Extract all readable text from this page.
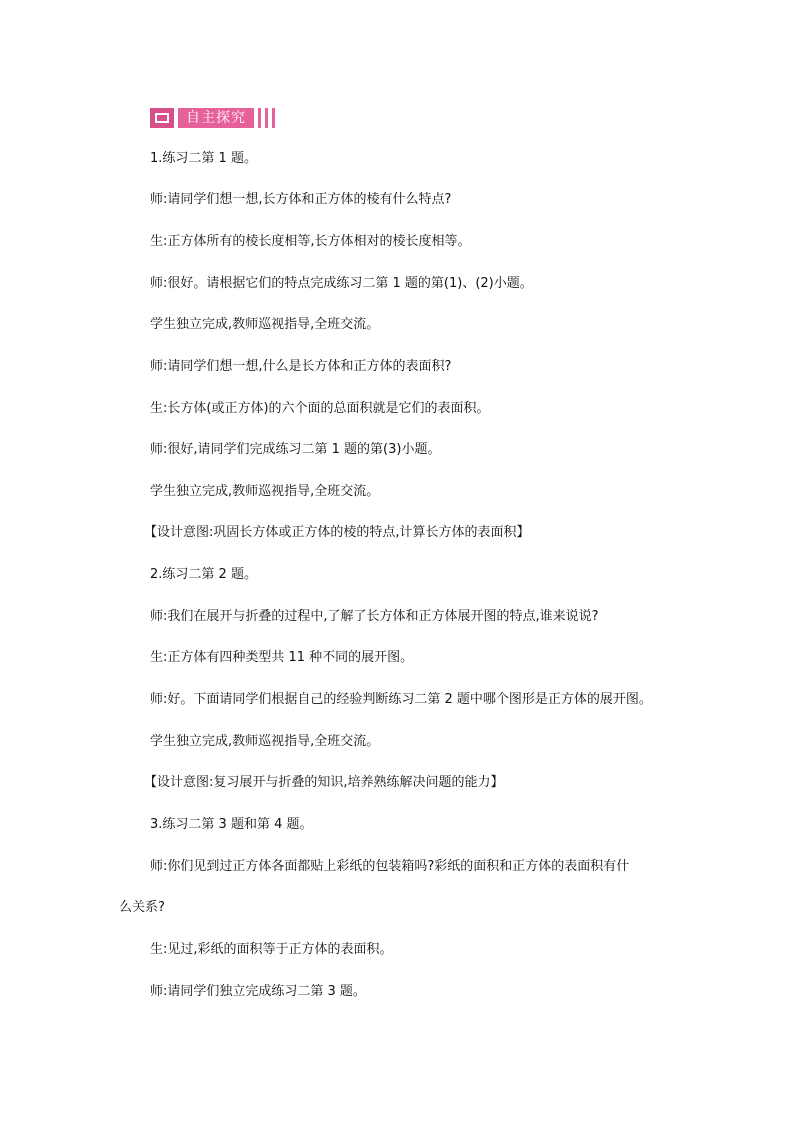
自主探究
1.练习二第 1 题。
师:请同学们想一想,长方体和正方体的棱有什么特点?
生:正方体所有的棱长度相等,长方体相对的棱长度相等。
师:很好。请根据它们的特点完成练习二第 1 题的第(1)、(2)小题。
学生独立完成,教师巡视指导,全班交流。
师:请同学们想一想,什么是长方体和正方体的表面积?
生:长方体(或正方体)的六个面的总面积就是它们的表面积。
师:很好,请同学们完成练习二第 1 题的第(3)小题。
学生独立完成,教师巡视指导,全班交流。
【设计意图:巩固长方体或正方体的棱的特点,计算长方体的表面积】
2.练习二第 2 题。
师:我们在展开与折叠的过程中,了解了长方体和正方体展开图的特点,谁来说说?
生:正方体有四种类型共 11 种不同的展开图。
师:好。下面请同学们根据自己的经验判断练习二第 2 题中哪个图形是正方体的展开图。
学生独立完成,教师巡视指导,全班交流。
【设计意图:复习展开与折叠的知识,培养熟练解决问题的能力】
3.练习二第 3 题和第 4 题。
师:你们见到过正方体各面都贴上彩纸的包装箱吗?彩纸的面积和正方体的表面积有什
么关系?
生:见过,彩纸的面积等于正方体的表面积。
师:请同学们独立完成练习二第 3 题。
